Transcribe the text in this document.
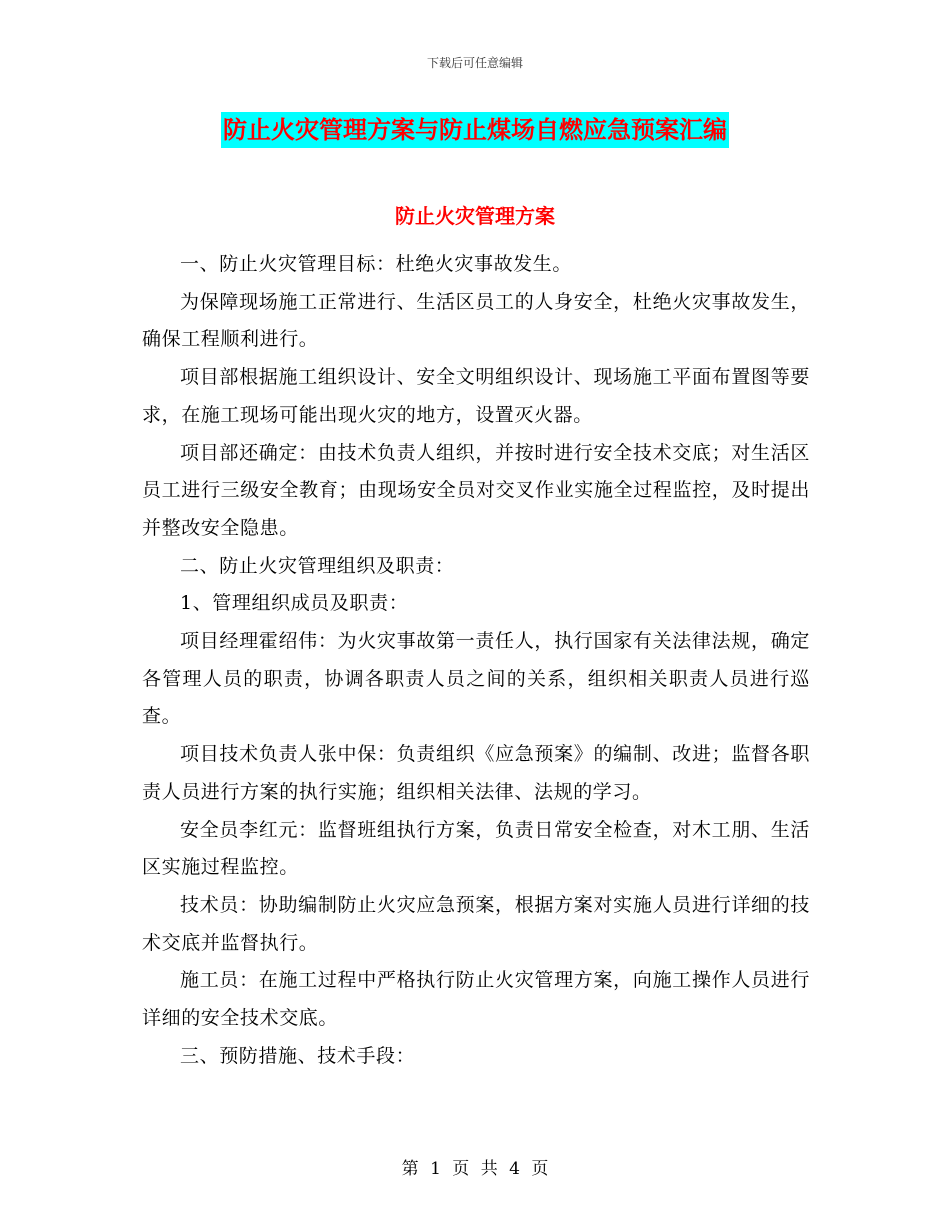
下载后可任意编辑
防止火灾管理方案与防止煤场自燃应急预案汇编
防止火灾管理方案

一、防止火灾管理目标：杜绝火灾事故发生。

为保障现场施工正常进行、生活区员工的人身安全，杜绝火灾事故发生，确保工程顺利进行。

项目部根据施工组织设计、安全文明组织设计、现场施工平面布置图等要求，在施工现场可能出现火灾的地方，设置灭火器。

项目部还确定：由技术负责人组织，并按时进行安全技术交底；对生活区员工进行三级安全教育；由现场安全员对交叉作业实施全过程监控，及时提出并整改安全隐患。

二、防止火灾管理组织及职责：

1、管理组织成员及职责：

项目经理霍绍伟：为火灾事故第一责任人，执行国家有关法律法规，确定各管理人员的职责，协调各职责人员之间的关系，组织相关职责人员进行巡查。

项目技术负责人张中保：负责组织《应急预案》的编制、改进；监督各职责人员进行方案的执行实施；组织相关法律、法规的学习。

安全员李红元：监督班组执行方案，负责日常安全检查，对木工朋、生活区实施过程监控。

技术员：协助编制防止火灾应急预案，根据方案对实施人员进行详细的技术交底并监督执行。

施工员：在施工过程中严格执行防止火灾管理方案，向施工操作人员进行详细的安全技术交底。

三、预防措施、技术手段：

第 1 页 共 4 页
